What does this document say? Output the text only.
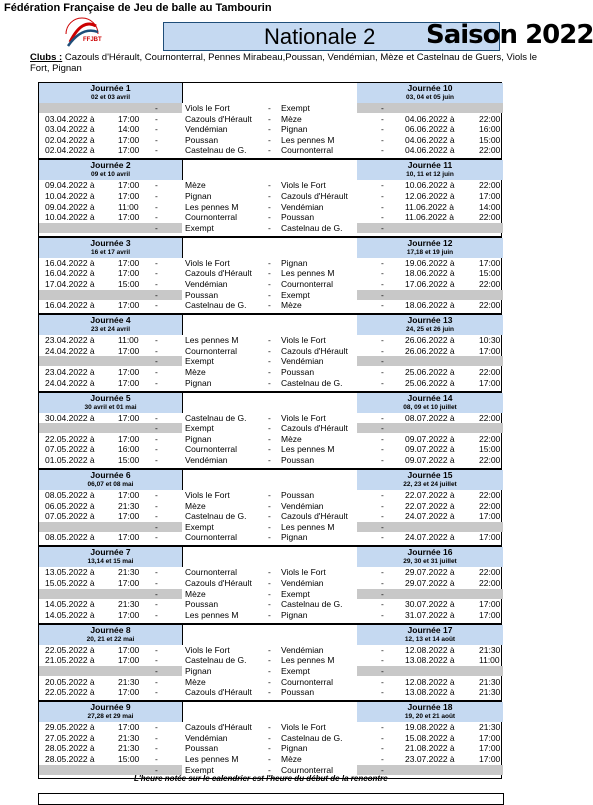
Fédération Française de Jeu de balle au Tambourin
FFJBT	Nationale 2 Saison 2022
Clubs : Cazouls d'Hérault, Cournonterral, Pennes Mirabeau,Poussan, Vendémian, Mèze et Castelnau de Guers, Viols le Fort, Pignan
Journée 1
02 et 03 avril
Journée 10
03, 04 et 05 juin
-	Viols le Fort	- Exempt	-
03.04.2022 à	17:00 -	Cazouls d'Hérault - Mèze	- 04.06.2022 à	22:00
03.04.2022 à	14:00 -	Vendémian	- Pignan	- 06.06.2022 à	16:00
02.04.2022 à	17:00 -	Poussan	- Les pennes M	- 04.06.2022 à	15:00
02.04.2022 à	17:00 -	Castelnau de G.	- Cournonterral	- 04.06.2022 à	22:00
Journée 2
09 et 10 avril
Journée 11
10, 11 et 12 juin
09.04.2022 à	17:00 -	Mèze	- Viols le Fort	- 10.06.2022 à	22:00
10.04.2022 à	17:00 -	Pignan	- Cazouls d'Hérault	- 12.06.2022 à	17:00
09.04.2022 à	11:00 -	Les pennes M	- Vendémian	- 11.06.2022 à	14:00
10.04.2022 à	17:00 -	Cournonterral	- Poussan	- 11.06.2022 à	22:00
-	Exempt	- Castelnau de G.	-
Journée 3
16 et 17 avril
Journée 12
17,18 et 19 juin
16.04.2022 à	17:00 -	Viols le Fort	- Pignan	- 19.06.2022 à	17:00
16.04.2022 à	17:00 -	Cazouls d'Hérault - Les pennes M	- 18.06.2022 à	15:00
17.04.2022 à	15:00 -	Vendémian	- Cournonterral	- 17.06.2022 à	22:00
-	Poussan	- Exempt	-
16.04.2022 à	17:00 -	Castelnau de G.	- Mèze	- 18.06.2022 à	22:00
Journée 4
23 et 24 avril
Journée 13
24, 25 et 26 juin
23.04.2022 à	11:00 -	Les pennes M	- Viols le Fort	- 26.06.2022 à	10:30
24.04.2022 à	17:00 -	Cournonterral	- Cazouls d'Hérault	- 26.06.2022 à	17:00
-	Exempt	- Vendémian	-
23.04.2022 à	17:00 -	Mèze	- Poussan	- 25.06.2022 à	22:00
24.04.2022 à	17:00 -	Pignan	- Castelnau de G.	- 25.06.2022 à	17:00
Journée 5
30 avril et 01 mai
Journée 14
08, 09 et 10 juillet
30.04.2022 à	17:00 -	Castelnau de G.	- Viols le Fort	- 08.07.2022 à	22:00
-	Exempt	- Cazouls d'Hérault	-
22.05.2022 à	17:00 -	Pignan	- Mèze	- 09.07.2022 à	22:00
07.05.2022 à	16:00 -	Cournonterral	- Les pennes M	- 09.07.2022 à	15:00
01.05.2022 à	15:00 -	Vendémian	- Poussan	- 09.07.2022 à	22:00
Journée 6
06,07 et 08 mai
Journée 15
22, 23 et 24 juillet
08.05.2022 à	17:00 -	Viols le Fort	- Poussan	- 22.07.2022 à	22:00
06.05.2022 à	21:30 -	Mèze	- Vendémian	- 22.07.2022 à	22:00
07.05.2022 à	17:00 -	Castelnau de G.	- Cazouls d'Hérault	- 24.07.2022 à	17:00
-	Exempt	- Les pennes M	-
08.05.2022 à	17:00 -	Cournonterral	- Pignan	- 24.07.2022 à	17:00
Journée 7
13,14 et 15 mai
Journée 16
29, 30 et 31 juillet
13.05.2022 à	21:30 -	Cournonterral	- Viols le Fort	- 29.07.2022 à	22:00
15.05.2022 à	17:00 -	Cazouls d'Hérault - Vendémian	- 29.07.2022 à	22:00
-	Mèze	- Exempt	-
14.05.2022 à	21:30 -	Poussan	- Castelnau de G.	- 30.07.2022 à	17:00
14.05.2022 à	17:00 -	Les pennes M	- Pignan	- 31.07.2022 à	17:00
Journée 8
20, 21 et 22 mai
Journée 17
12, 13 et 14 août
22.05.2022 à	17:00 -	Viols le Fort	- Vendémian	- 12.08.2022 à	21:30
21.05.2022 à	17:00 -	Castelnau de G.	- Les pennes M	- 13.08.2022 à	11:00
-	Pignan	- Exempt	-
20.05.2022 à	21:30 -	Mèze	- Cournonterral	- 12.08.2022 à	21:30
22.05.2022 à	17:00 -	Cazouls d'Hérault - Poussan	- 13.08.2022 à	21:30
Journée 9
27,28 et 29 mai
Journée 18
19, 20 et 21 août
29.05.2022 à	17:00 -	Cazouls d'Hérault - Viols le Fort	- 19.08.2022 à	21:30
27.05.2022 à	21:30 -	Vendémian	- Castelnau de G.	- 15.08.2022 à	17:00
28.05.2022 à	21:30 -	Poussan	- Pignan	- 21.08.2022 à	17:00
28.05.2022 à	15:00 -	Les pennes M	- Mèze	- 23.07.2022 à	17:00
-	Exempt	- Cournonterral	-
L'heure notée sur le calendrier est l'heure du début de la rencontre
